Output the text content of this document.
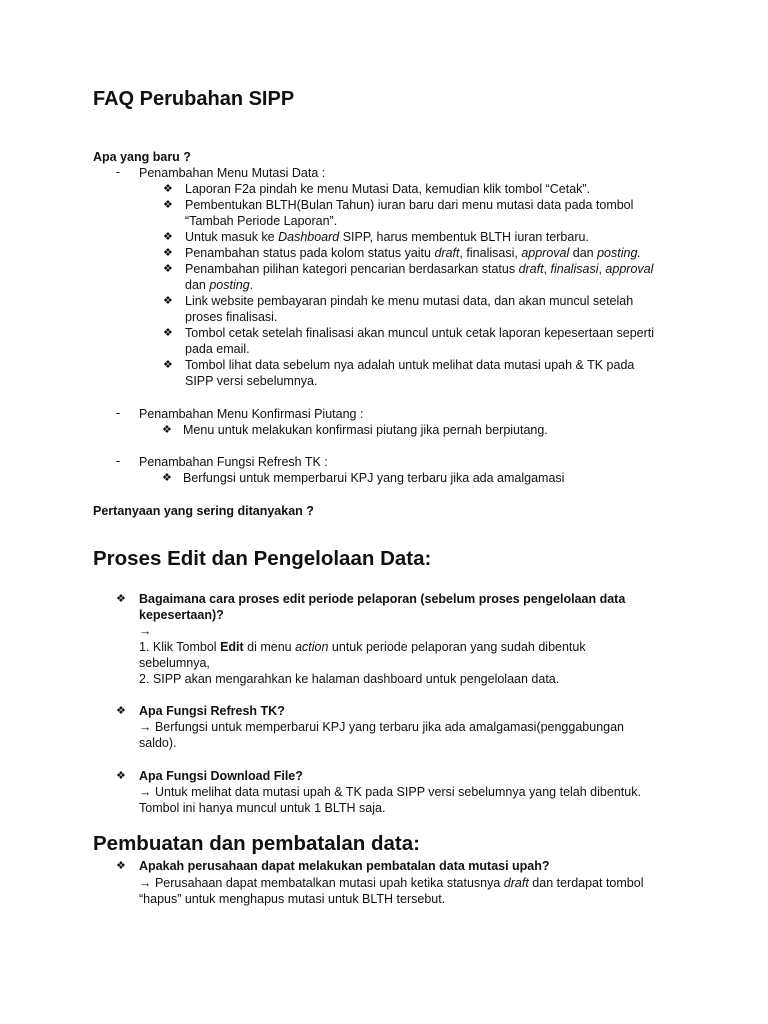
FAQ Perubahan SIPP
Apa yang baru ?
- Penambahan Menu Mutasi Data :
❖ Laporan F2a pindah ke menu Mutasi Data, kemudian klik tombol “Cetak”.
❖ Pembentukan BLTH(Bulan Tahun) iuran baru dari menu mutasi data pada tombol
“Tambah Periode Laporan”.
❖ Untuk masuk ke Dashboard SIPP, harus membentuk BLTH iuran terbaru.
❖ Penambahan status pada kolom status yaitu draft, finalisasi, approval dan posting.
❖ Penambahan pilihan kategori pencarian berdasarkan status draft, finalisasi, approval
dan posting.
❖ Link website pembayaran pindah ke menu mutasi data, dan akan muncul setelah
proses finalisasi.
❖ Tombol cetak setelah finalisasi akan muncul untuk cetak laporan kepesertaan seperti
pada email.
❖ Tombol lihat data sebelum nya adalah untuk melihat data mutasi upah & TK pada
SIPP versi sebelumnya.
- Penambahan Menu Konfirmasi Piutang :
❖ Menu untuk melakukan konfirmasi piutang jika pernah berpiutang.
- Penambahan Fungsi Refresh TK :
❖ Berfungsi untuk memperbarui KPJ yang terbaru jika ada amalgamasi
Pertanyaan yang sering ditanyakan ?
Proses Edit dan Pengelolaan Data:
❖ Bagaimana cara proses edit periode pelaporan (sebelum proses pengelolaan data
kepesertaan)?
→
1. Klik Tombol Edit di menu action untuk periode pelaporan yang sudah dibentuk
sebelumnya,
2. SIPP akan mengarahkan ke halaman dashboard untuk pengelolaan data.
❖ Apa Fungsi Refresh TK?
→ Berfungsi untuk memperbarui KPJ yang terbaru jika ada amalgamasi(penggabungan
saldo).
❖ Apa Fungsi Download File?
→ Untuk melihat data mutasi upah & TK pada SIPP versi sebelumnya yang telah dibentuk.
Tombol ini hanya muncul untuk 1 BLTH saja.
Pembuatan dan pembatalan data:
❖ Apakah perusahaan dapat melakukan pembatalan data mutasi upah?
→ Perusahaan dapat membatalkan mutasi upah ketika statusnya draft dan terdapat tombol
“hapus” untuk menghapus mutasi untuk BLTH tersebut.
